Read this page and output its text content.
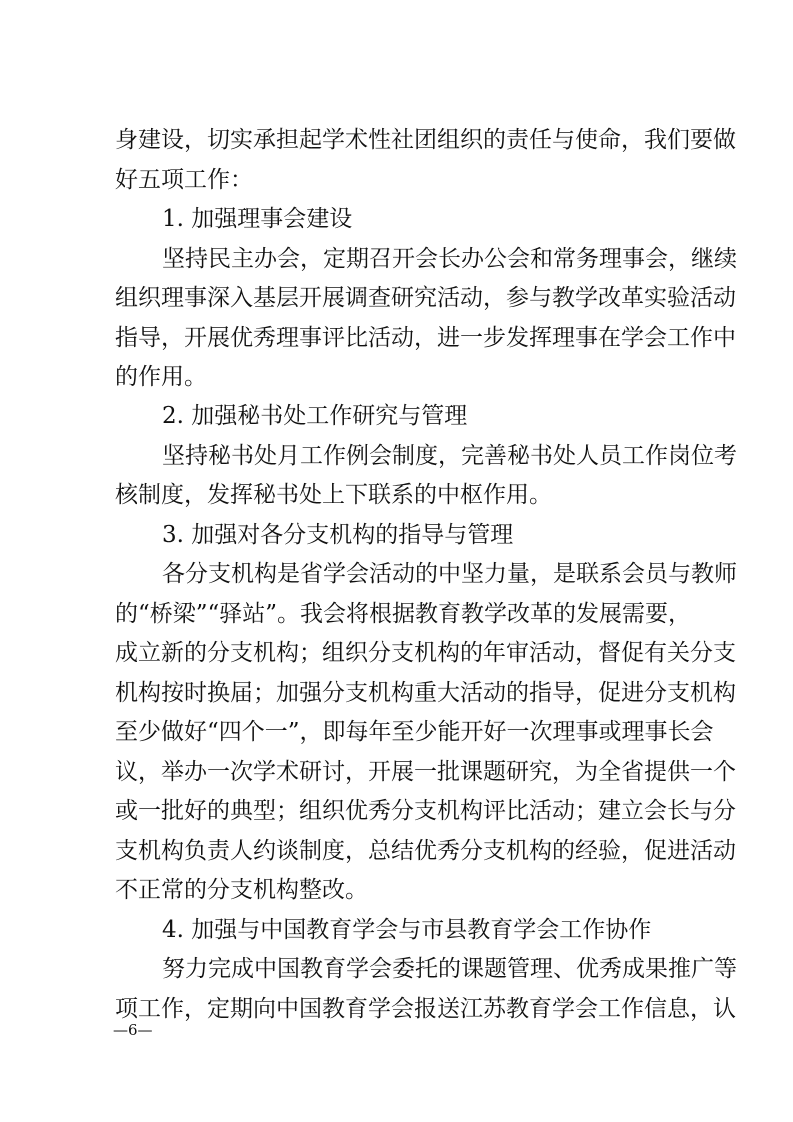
身建设，切实承担起学术性社团组织的责任与使命，我们要做
好五项工作：
1. 加强理事会建设
坚持民主办会，定期召开会长办公会和常务理事会，继续
组织理事深入基层开展调查研究活动，参与教学改革实验活动
指导，开展优秀理事评比活动，进一步发挥理事在学会工作中
的作用。
2. 加强秘书处工作研究与管理
坚持秘书处月工作例会制度，完善秘书处人员工作岗位考
核制度，发挥秘书处上下联系的中枢作用。
3. 加强对各分支机构的指导与管理
各分支机构是省学会活动的中坚力量，是联系会员与教师
的“桥梁”“驿站”。我会将根据教育教学改革的发展需要，
成立新的分支机构；组织分支机构的年审活动，督促有关分支
机构按时换届；加强分支机构重大活动的指导，促进分支机构
至少做好“四个一”，即每年至少能开好一次理事或理事长会
议，举办一次学术研讨，开展一批课题研究，为全省提供一个
或一批好的典型；组织优秀分支机构评比活动；建立会长与分
支机构负责人约谈制度，总结优秀分支机构的经验，促进活动
不正常的分支机构整改。
4. 加强与中国教育学会与市县教育学会工作协作
努力完成中国教育学会委托的课题管理、优秀成果推广等
项工作，定期向中国教育学会报送江苏教育学会工作信息，认
—6—
